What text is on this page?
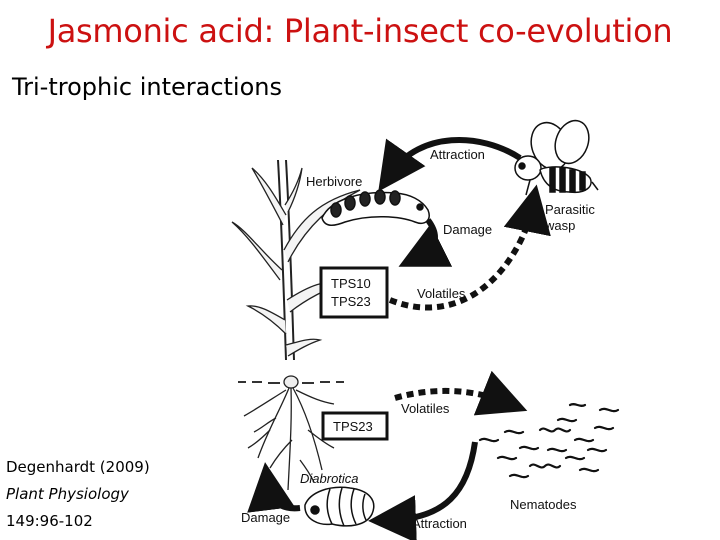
Jasmonic acid: Plant-insect co-evolution
Tri-trophic interactions
Herbivore
Attraction
Damage
Parasitic
wasp
TPS10
TPS23
Volatiles
Volatiles
TPS23
Diabrotica
Damage	Attraction
Nematodes
Degenhardt (2009)
Plant Physiology
149:96-102
